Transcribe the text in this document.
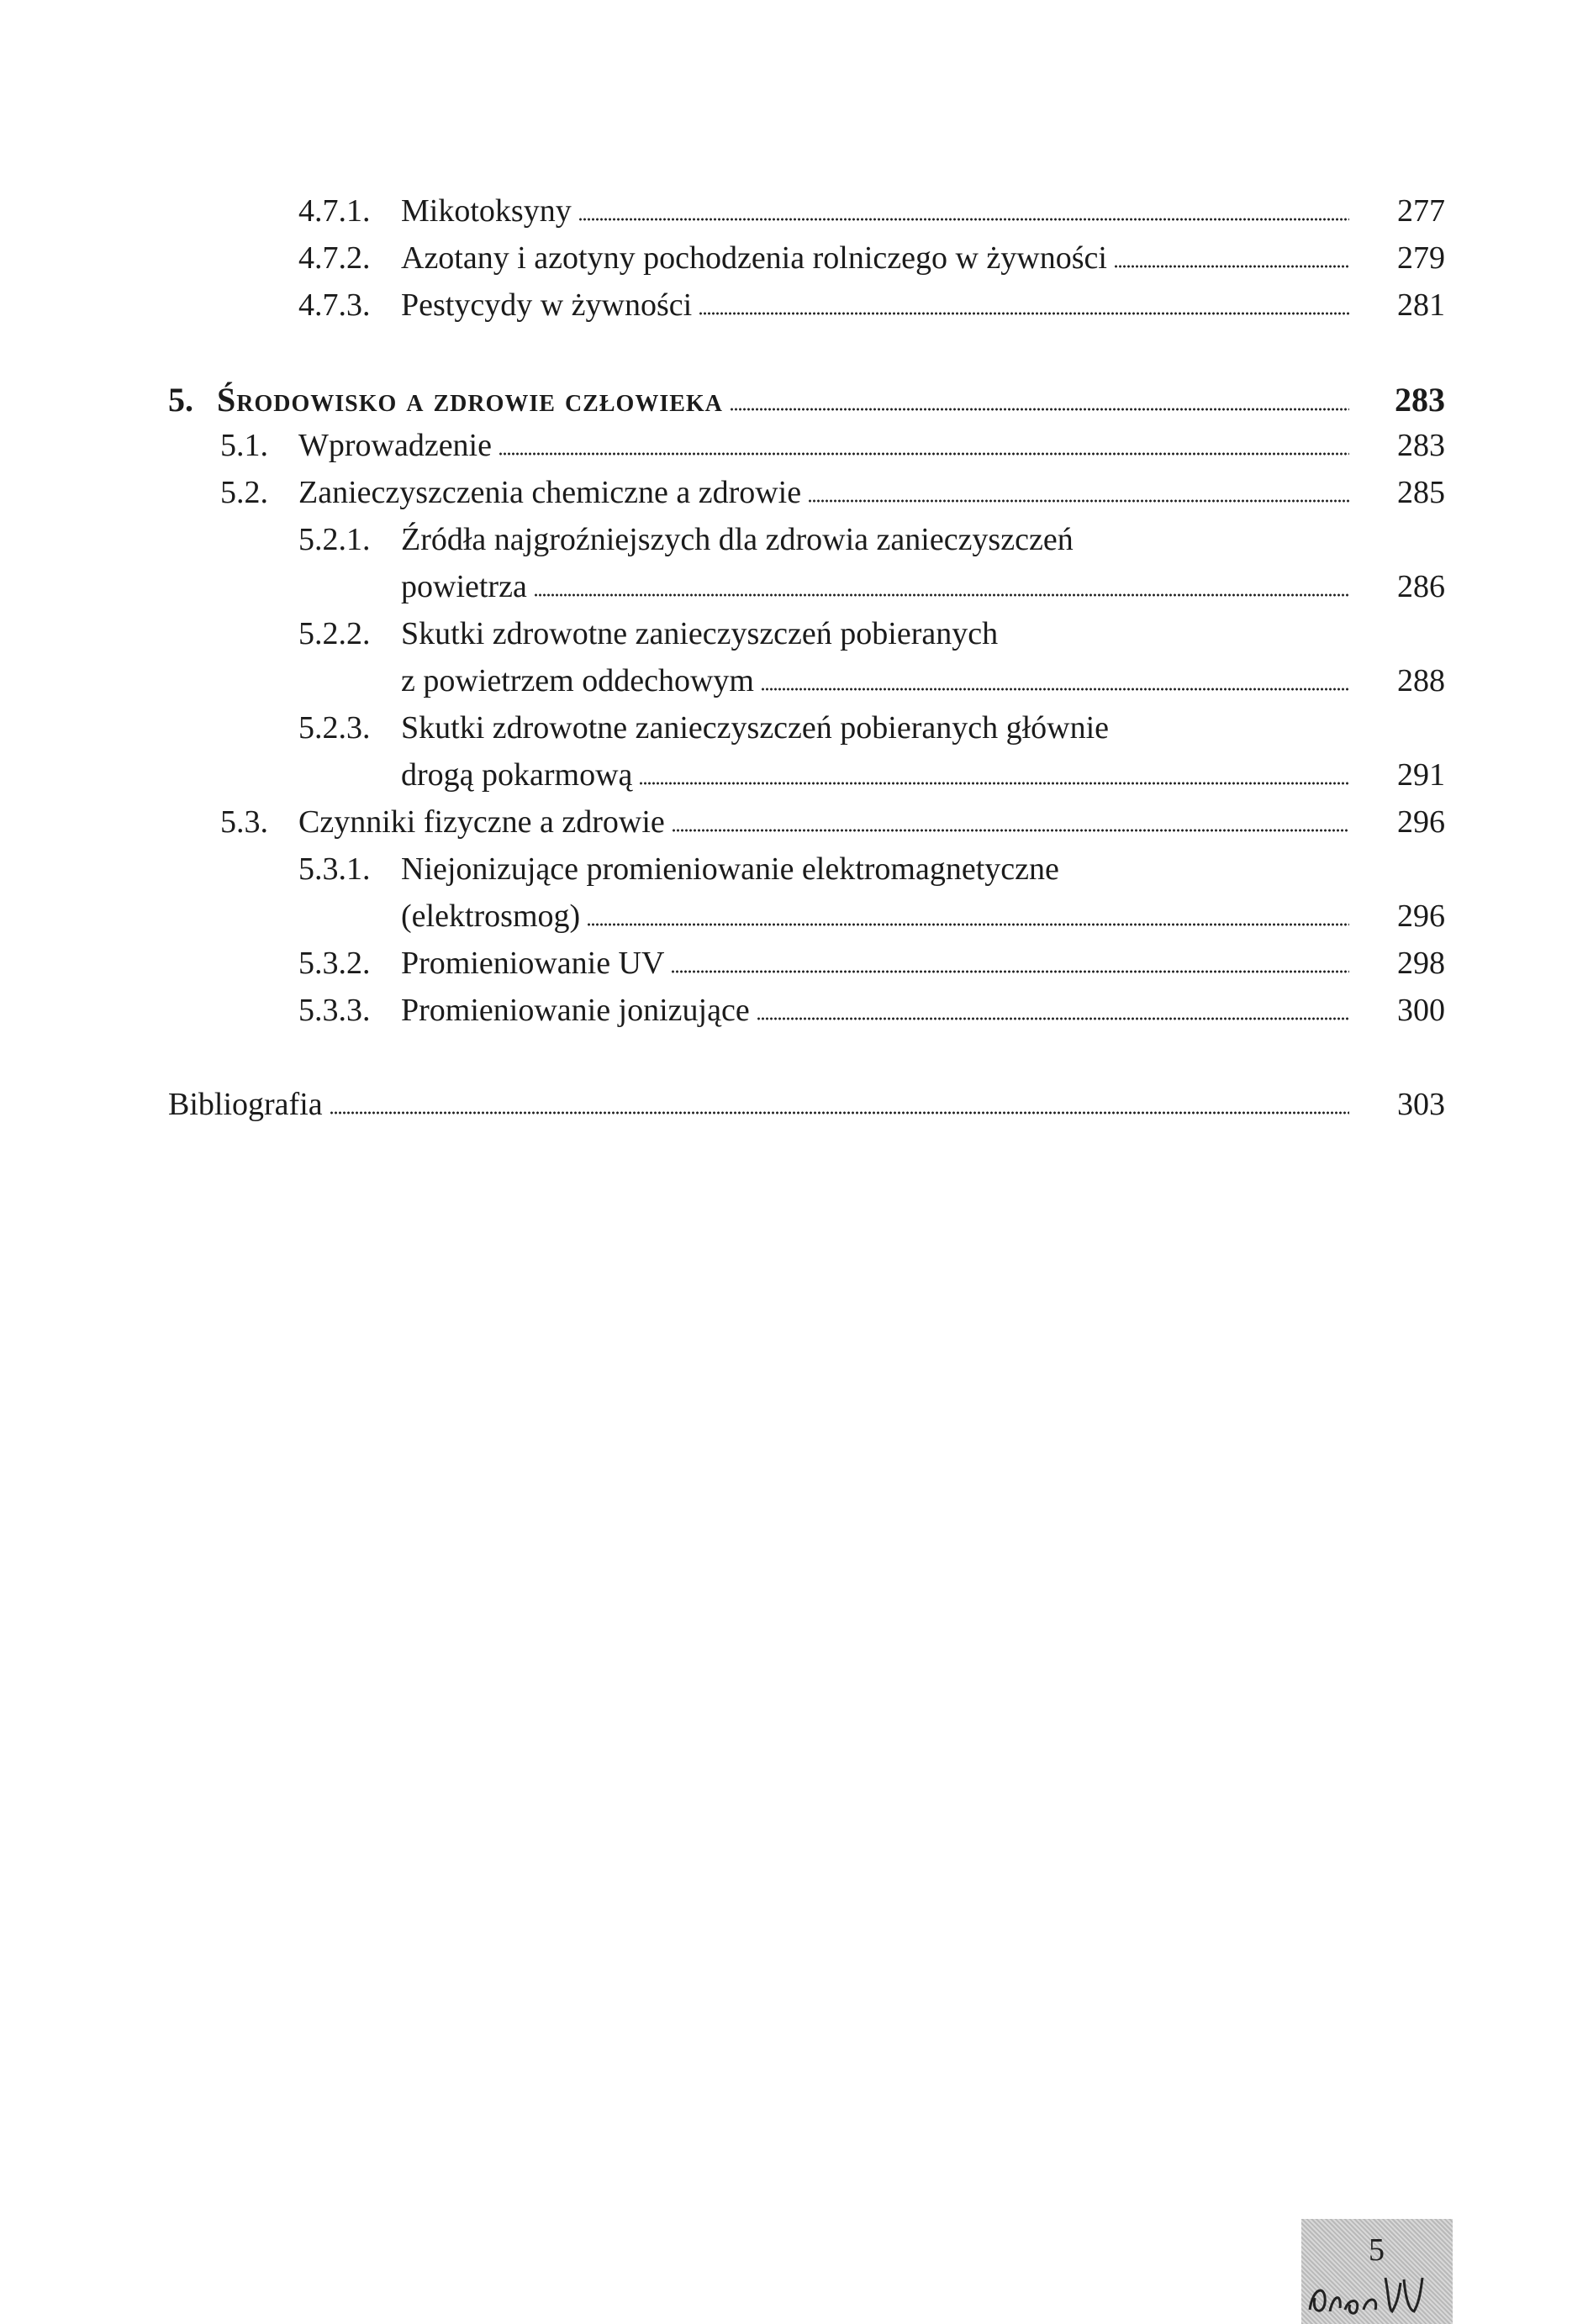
4.7.1. Mikotoksyny	277
4.7.2. Azotany i azotyny pochodzenia rolniczego w żywności	279
4.7.3. Pestycydy w żywności	281
5. Środowisko a zdrowie człowieka	283
5.1. Wprowadzenie	283
5.2. Zanieczyszczenia chemiczne a zdrowie	285
5.2.1. Źródła najgroźniejszych dla zdrowia zanieczyszczeń
powietrza	286
5.2.2. Skutki zdrowotne zanieczyszczeń pobieranych
z powietrzem oddechowym	288
5.2.3. Skutki zdrowotne zanieczyszczeń pobieranych głównie
drogą pokarmową	291
5.3. Czynniki fizyczne a zdrowie	296
5.3.1. Niejonizujące promieniowanie elektromagnetyczne
(elektrosmog)	296
5.3.2. Promieniowanie UV	298
5.3.3. Promieniowanie jonizujące	300
Bibliografia	303
5
